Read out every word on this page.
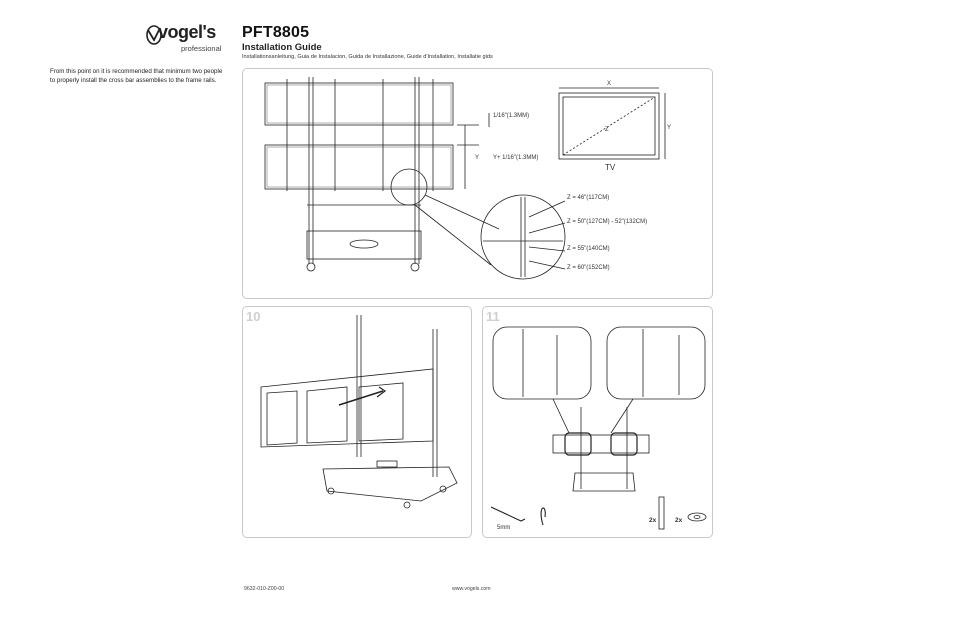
vogel's
professional
PFT8805
Installation Guide
Installationsanleitung, Guia de Instalacion, Guida de Installazione, Guide d'Installation, Installatie gids
From this point on it is recommended that minimum two people to properly install the cross bar assemblies to the frame rails.
1/16"(1.3MM)
Y Y+ 1/16"(1.3MM)
X
Y
Z
TV
Z = 46"(117CM)
Z = 50"(127CM) - 52"(132CM)
Z = 55"(140CM)
Z = 60"(152CM)
10	11
5mm
2x	2x
9632-010-Z00-00	www.vogels.com
